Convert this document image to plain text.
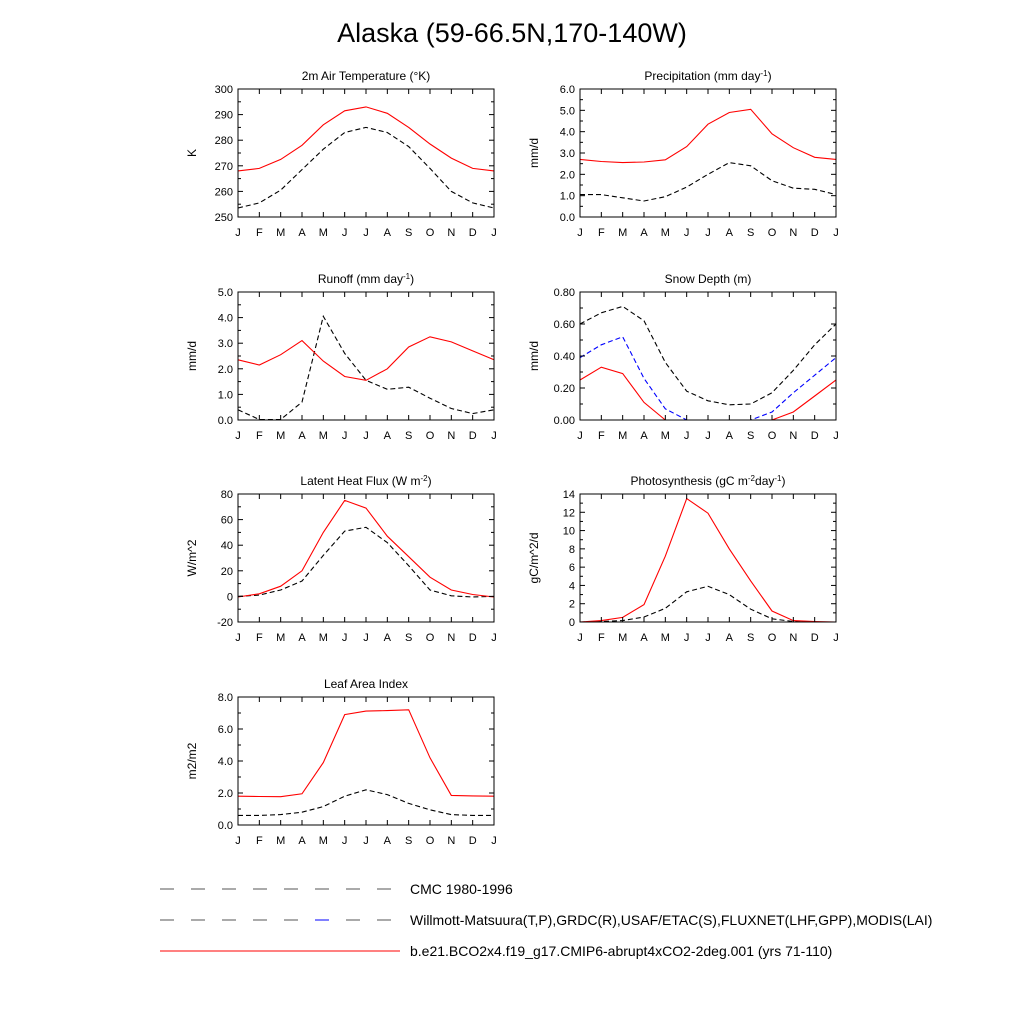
Alaska (59-66.5N,170-140W)
J F M A M J J A S O N D J
250
260
270
280
290
300
2m Air Temperature (°K)
K
J F M A M J J A S O N D J
0.0
1.0
2.0
3.0
4.0
5.0
6.0
Precipitation (mm day$^{-1}$)
mm/d
J F M A M J J A S O N D J
0.0
1.0
2.0
3.0
4.0
5.0
Runoff (mm day$^{-1}$)
mm/d
J F M A M J J A S O N D J
0.00
0.20
0.40
0.60
0.80
Snow Depth (m)
mm/d
J F M A M J J A S O N D J
-20
0
20
40
60
80
Latent Heat Flux (W $m^{-2}$)
W/m^2
J F M A M J J A S O N D J
0
2
4
6
8
10
12
14
Photosynthesis (gC $m^{-2}day^{-1}$)
gC/m^2/d
J F M A M J J A S O N D J
0.0
2.0
4.0
6.0
8.0
Leaf Area Index
m2/m2
CMC 1980-1996
Willmott-Matsuura(T,P),GRDC(R),USAF/ETAC(S),FLUXNET(LHF,GPP),MODIS(LAI)
b.e21.BCO2x4.f19_g17.CMIP6-abrupt4xCO2-2deg.001 (yrs 71-110)
